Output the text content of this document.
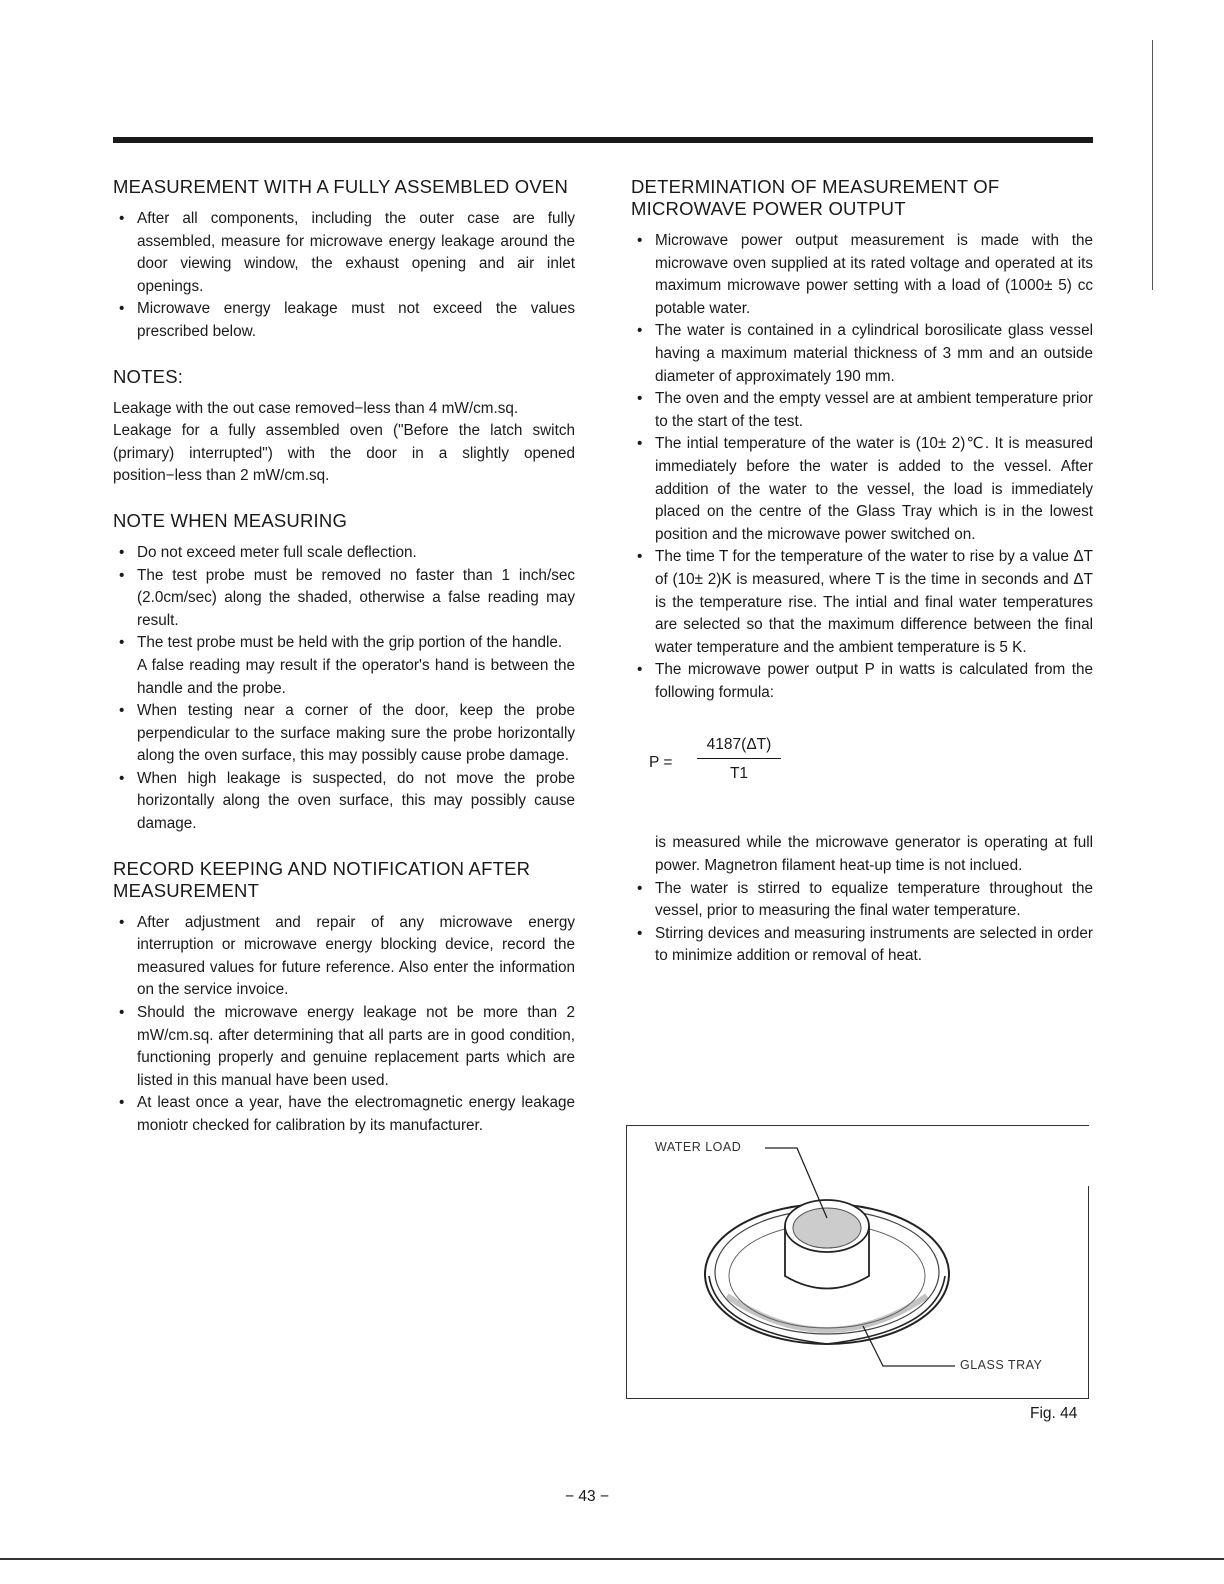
MEASUREMENT WITH A FULLY ASSEMBLED OVEN
• After all components, including the outer case are fully assembled, measure for microwave energy leakage around the door viewing window, the exhaust opening and air inlet openings.
• Microwave energy leakage must not exceed the values prescribed below.
NOTES:

Leakage with the out case removed−less than 4 mW/cm.sq.

Leakage for a fully assembled oven ("Before the latch switch (primary) interrupted") with the door in a slightly opened position−less than 2 mW/cm.sq.

NOTE WHEN MEASURING
• Do not exceed meter full scale deflection.
• The test probe must be removed no faster than 1 inch/sec (2.0cm/sec) along the shaded, otherwise a false reading may result.
• The test probe must be held with the grip portion of the handle.
A false reading may result if the operator's hand is between the handle and the probe.
• When testing near a corner of the door, keep the probe perpendicular to the surface making sure the probe horizontally along the oven surface, this may possibly cause probe damage.
• When high leakage is suspected, do not move the probe horizontally along the oven surface, this may possibly cause damage.
RECORD KEEPING AND NOTIFICATION AFTER MEASUREMENT
• After adjustment and repair of any microwave energy interruption or microwave energy blocking device, record the measured values for future reference. Also enter the information on the service invoice.
• Should the microwave energy leakage not be more than 2 mW/cm.sq. after determining that all parts are in good condition, functioning properly and genuine replacement parts which are listed in this manual have been used.
• At least once a year, have the electromagnetic energy leakage moniotr checked for calibration by its manufacturer.
DETERMINATION OF MEASUREMENT OF MICROWAVE POWER OUTPUT
• Microwave power output measurement is made with the microwave oven supplied at its rated voltage and operated at its maximum microwave power setting with a load of (1000± 5) cc potable water.
• The water is contained in a cylindrical borosilicate glass vessel having a maximum material thickness of 3 mm and an outside diameter of approximately 190 mm.
• The oven and the empty vessel are at ambient temperature prior to the start of the test.
• The intial temperature of the water is (10± 2)℃. It is measured immediately before the water is added to the vessel. After addition of the water to the vessel, the load is immediately placed on the centre of the Glass Tray which is in the lowest position and the microwave power switched on.
• The time T for the temperature of the water to rise by a value ΔT of (10± 2)K is measured, where T is the time in seconds and ΔT is the temperature rise. The intial and final water temperatures are selected so that the maximum difference between the final water temperature and the ambient temperature is 5 K.
• The microwave power output P in watts is calculated from the following formula:
P =
4187(ΔT)
T1
is measured while the microwave generator is operating at full power. Magnetron filament heat-up time is not inclued.
• The water is stirred to equalize temperature throughout the vessel, prior to measuring the final water temperature.
• Stirring devices and measuring instruments are selected in order to minimize addition or removal of heat.
WATER LOAD
GLASS TRAY
Fig. 44
− 43 −
